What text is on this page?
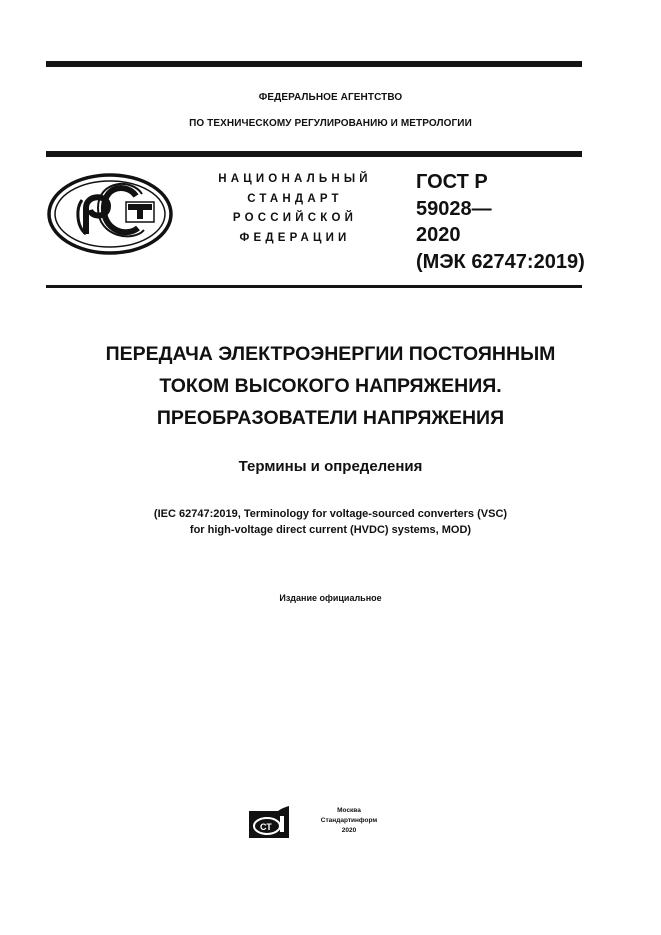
ФЕДЕРАЛЬНОЕ АГЕНТСТВО
ПО ТЕХНИЧЕСКОМУ РЕГУЛИРОВАНИЮ И МЕТРОЛОГИИ
НАЦИОНАЛЬНЫЙ
СТАНДАРТ
РОССИЙСКОЙ
ФЕДЕРАЦИИ
ГОСТ Р
59028—
2020
(МЭК 62747:2019)
ПЕРЕДАЧА ЭЛЕКТРОЭНЕРГИИ ПОСТОЯННЫМ
ТОКОМ ВЫСОКОГО НАПРЯЖЕНИЯ.
ПРЕОБРАЗОВАТЕЛИ НАПРЯЖЕНИЯ
Термины и определения
(IEC 62747:2019, Terminology for voltage-sourced converters (VSC)
for high-voltage direct current (HVDC) systems, MOD)
Издание официальное
СТ
Москва
Стандартинформ
2020
